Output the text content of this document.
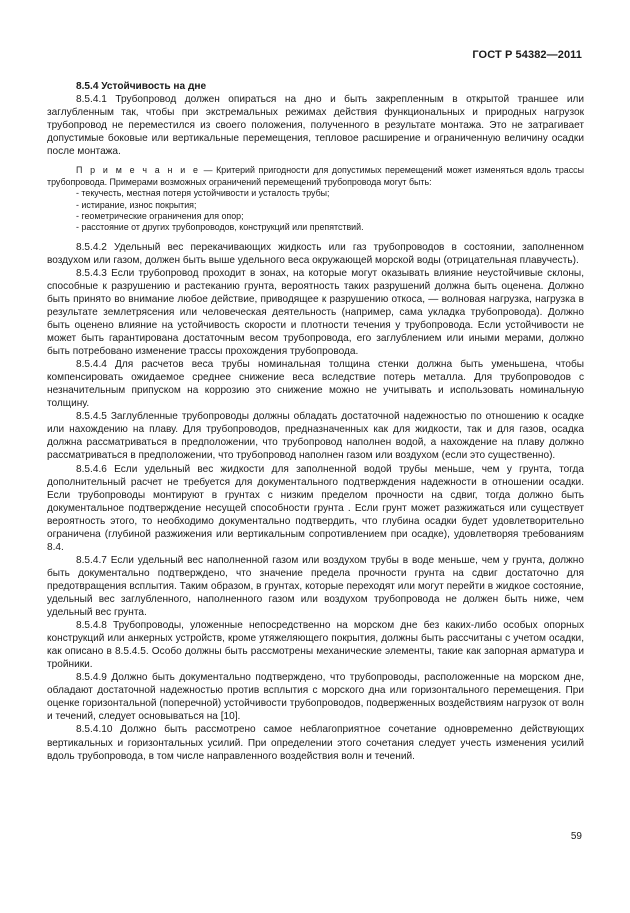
ГОСТ Р 54382—2011

8.5.4 Устойчивость на дне

8.5.4.1 Трубопровод должен опираться на дно и быть закрепленным в открытой траншее или заглубленным так, чтобы при экстремальных режимах действия функциональных и природных нагрузок трубопровод не переместился из своего положения, полученного в результате монтажа. Это не затрагивает допустимые боковые или вертикальные перемещения, тепловое расширение и ограниченную величину осадки после монтажа.

П р и м е ч а н и е — Критерий пригодности для допустимых перемещений может изменяться вдоль трассы трубопровода. Примерами возможных ограничений перемещений трубопровода могут быть:

- текучесть, местная потеря устойчивости и усталость трубы;

- истирание, износ покрытия;

- геометрические ограничения для опор;

- расстояние от других трубопроводов, конструкций или препятствий.

8.5.4.2 Удельный вес перекачивающих жидкость или газ трубопроводов в состоянии, заполненном воздухом или газом, должен быть выше удельного веса окружающей морской воды (отрицательная плавучесть).

8.5.4.3 Если трубопровод проходит в зонах, на которые могут оказывать влияние неустойчивые склоны, способные к разрушению и растеканию грунта, вероятность таких разрушений должна быть оценена. Должно быть принято во внимание любое действие, приводящее к разрушению откоса, — волновая нагрузка, нагрузка в результате землетрясения или человеческая деятельность (например, сама укладка трубопровода). Должно быть оценено влияние на устойчивость скорости и плотности течения у трубопровода. Если устойчивости не может быть гарантирована достаточным весом трубопровода, его заглублением или иными мерами, должно быть потребовано изменение трассы прохождения трубопровода.

8.5.4.4 Для расчетов веса трубы номинальная толщина стенки должна быть уменьшена, чтобы компенсировать ожидаемое среднее снижение веса вследствие потерь металла. Для трубопроводов с незначительным припуском на коррозию это снижение можно не учитывать и использовать номинальную толщину.

8.5.4.5 Заглубленные трубопроводы должны обладать достаточной надежностью по отношению к осадке или нахождению на плаву. Для трубопроводов, предназначенных как для жидкости, так и для газов, осадка должна рассматриваться в предположении, что трубопровод наполнен водой, а нахождение на плаву должно рассматриваться в предположении, что трубопровод наполнен газом или воздухом (если это существенно).

8.5.4.6 Если удельный вес жидкости для заполненной водой трубы меньше, чем у грунта, тогда дополнительный расчет не требуется для документального подтверждения надежности в отношении осадки. Если трубопроводы монтируют в грунтах с низким пределом прочности на сдвиг, тогда должно быть документальное подтверждение несущей способности грунта . Если грунт может разжижаться или существует вероятность этого, то необходимо документально подтвердить, что глубина осадки будет удовлетворительно ограничена (глубиной разжижения или вертикальным сопротивлением при осадке), удовлетворяя требованиям 8.4.

8.5.4.7 Если удельный вес наполненной газом или воздухом трубы в воде меньше, чем у грунта, должно быть документально подтверждено, что значение предела прочности грунта на сдвиг достаточно для предотвращения всплытия. Таким образом, в грунтах, которые переходят или могут перейти в жидкое состояние, удельный вес заглубленного, наполненного газом или воздухом трубопровода не должен быть ниже, чем удельный вес грунта.

8.5.4.8 Трубопроводы, уложенные непосредственно на морском дне без каких-либо особых опорных конструкций или анкерных устройств, кроме утяжеляющего покрытия, должны быть рассчитаны с учетом осадки, как описано в 8.5.4.5. Особо должны быть рассмотрены механические элементы, такие как запорная арматура и тройники.

8.5.4.9 Должно быть документально подтверждено, что трубопроводы, расположенные на морском дне, обладают достаточной надежностью против всплытия с морского дна или горизонтального перемещения. При оценке горизонтальной (поперечной) устойчивости трубопроводов, подверженных воздействиям нагрузок от волн и течений, следует основываться на [10].

8.5.4.10 Должно быть рассмотрено самое неблагоприятное сочетание одновременно действующих вертикальных и горизонтальных усилий. При определении этого сочетания следует учесть изменения усилий вдоль трубопровода, в том числе направленного воздействия волн и течений.

59
